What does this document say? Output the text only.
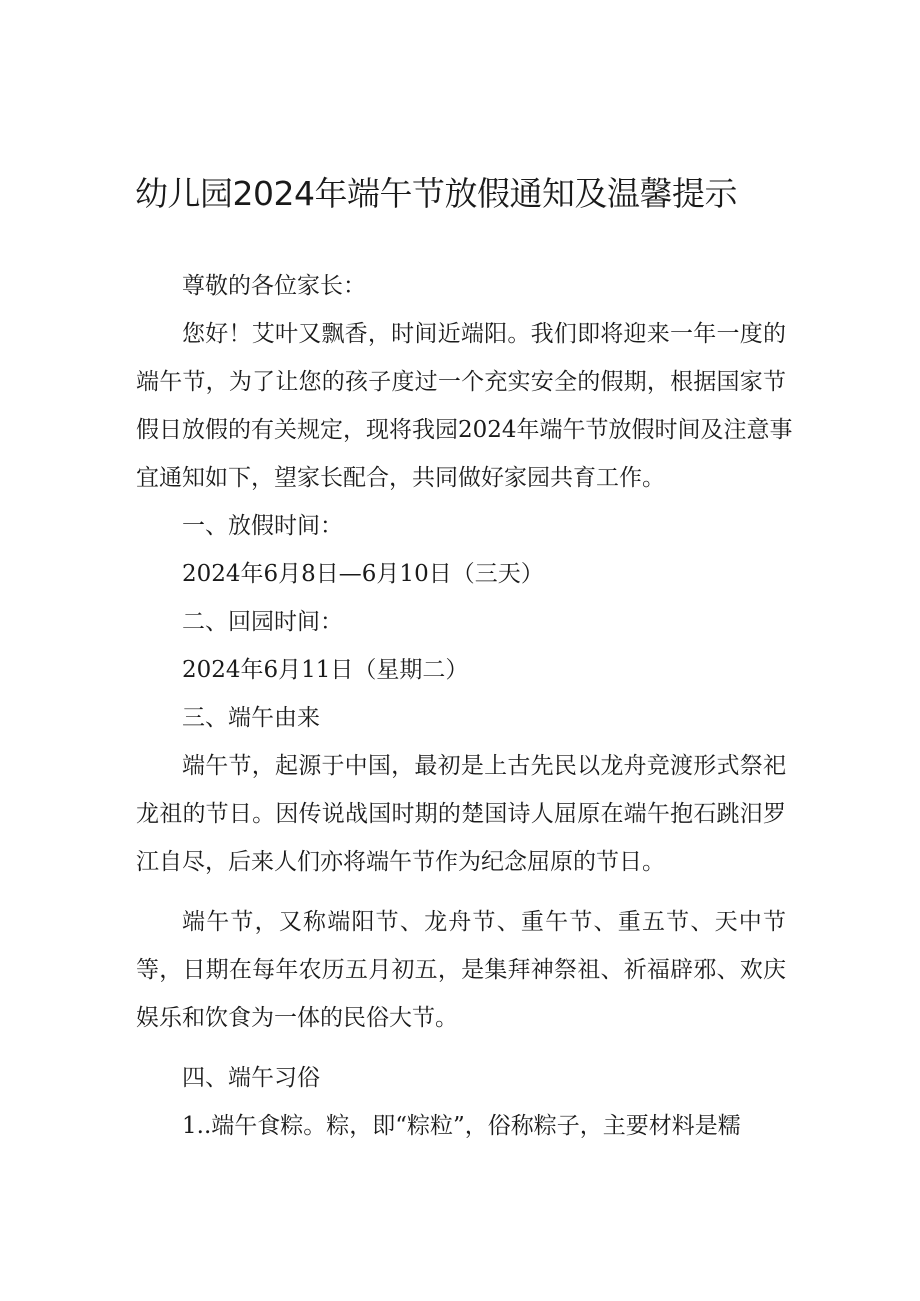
幼儿园2024年端午节放假通知及温馨提示
尊敬的各位家长：
您好！艾叶又飘香，时间近端阳。我们即将迎来一年一度的
端午节，为了让您的孩子度过一个充实安全的假期，根据国家节
假日放假的有关规定，现将我园2024年端午节放假时间及注意事
宜通知如下，望家长配合，共同做好家园共育工作。
一、放假时间：
2024年6月8日—6月10日（三天）
二、回园时间：
2024年6月11日（星期二）
三、端午由来
端午节，起源于中国，最初是上古先民以龙舟竞渡形式祭祀
龙祖的节日。因传说战国时期的楚国诗人屈原在端午抱石跳汨罗
江自尽，后来人们亦将端午节作为纪念屈原的节日。
端午节，又称端阳节、龙舟节、重午节、重五节、天中节
等，日期在每年农历五月初五，是集拜神祭祖、祈福辟邪、欢庆
娱乐和饮食为一体的民俗大节。
四、端午习俗
1..端午食粽。粽，即“粽粒”，俗称粽子，主要材料是糯
